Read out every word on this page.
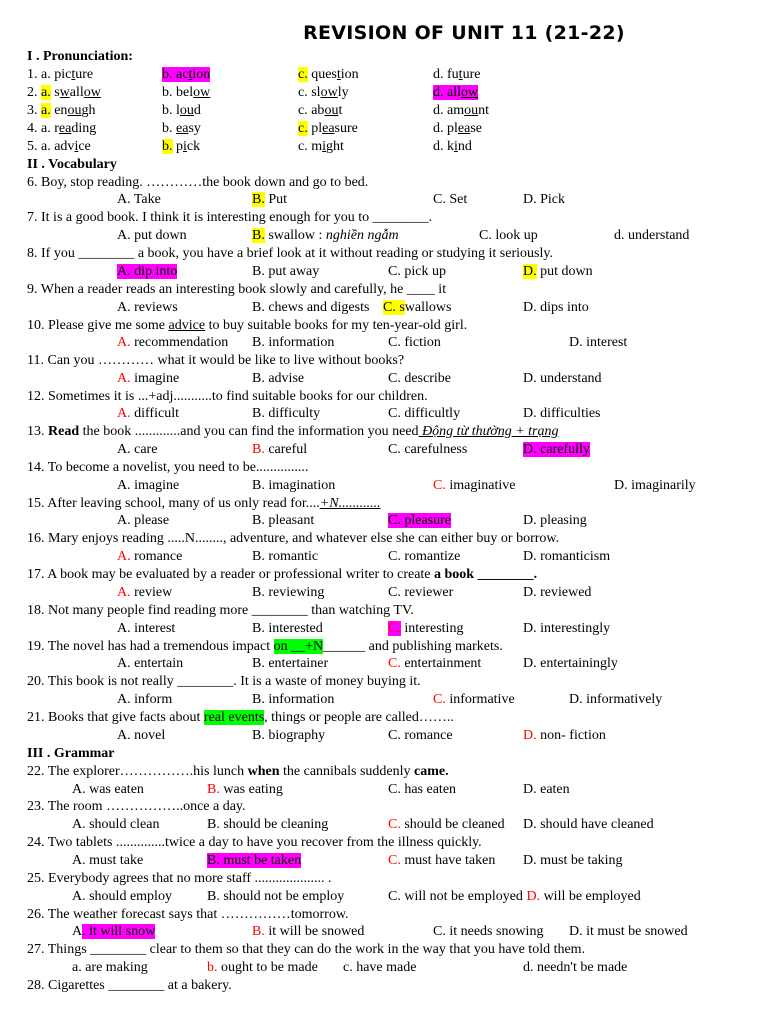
REVISION OF UNIT 11 (21-22)
I . Pronunciation:
1. a. picture	b. action	c. question	d. future
2. a. swallow	b. below	c. slowly	d. allow
3. a. enough	b. loud	c. about	d. amount
4. a. reading	b. easy	c. pleasure	d. please
5. a. advice	b. pick	c. might	d. kind
II . Vocabulary
6. Boy, stop reading. …………the book down and go to bed.
A. Take	B. Put	C. Set	D. Pick
7. It is a good book. I think it is interesting enough for you to ________.
A. put down	B. swallow : nghiền ngẫm	C. look up	d. understand
8. If you ________ a book, you have a brief look at it without reading or studying it seriously.
A. dip into	B. put away	C. pick up	D. put down
9. When a reader reads an interesting book slowly and carefully, he ____ it
A. reviews	B. chews and digests C. swallows	D. dips into
10. Please give me some advice to buy suitable books for my ten-year-old girl.
A. recommendation B. information	C. fiction	D. interest
11. Can you ………… what it would be like to live without books?
A. imagine	B. advise	C. describe	D. understand
12. Sometimes it is ...+adj...........to find suitable books for our children.
A. difficult	B. difficulty	C. difficultly	D. difficulties
13. Read the book .............and you can find the information you need Động từ thường + trạng
A. care	B. careful	C. carefulness	D. carefully
14. To become a novelist, you need to be...............
A. imagine	B. imagination	C. imaginative	D. imaginarily
15. After leaving school, many of us only read for....+N............
A. please	B. pleasant	C. pleasure	D. pleasing
16. Mary enjoys reading .....N........, adventure, and whatever else she can either buy or borrow.
A. romance	B. romantic	C. romantize	D. romanticism
17. A book may be evaluated by a reader or professional writer to create a book ________.
A. review	B. reviewing	C. reviewer	D. reviewed
18. Not many people find reading more ________ than watching TV.
A. interest	B. interested	C. interesting	D. interestingly
19. The novel has had a tremendous impact on __+N______ and publishing markets.
A. entertain	B. entertainer	C. entertainment	D. entertainingly
20. This book is not really ________. It is a waste of money buying it.
A. inform	B. information	C. informative	D. informatively
21. Books that give facts about real events, things or people are called……..
A. novel	B. biography	C. romance	D. non- fiction
III . Grammar
22. The explorer…………….his lunch when the cannibals suddenly came.
A. was eaten	B. was eating	C. has eaten	D. eaten
23. The room ……………..once a day.
A. should clean	B. should be cleaning	C. should be cleaned D. should have cleaned
24. Two tablets ..............twice a day to have you recover from the illness quickly.
A. must take	B. must be taken	C. must have taken D. must be taking
25. Everybody agrees that no more staff .................... .
A. should employ	B. should not be employ	C. will not be employed D. will be employed
26. The weather forecast says that ……………tomorrow.
A. it will snow	B. it will be snowed	C. it needs snowing D. it must be snowed
27. Things ________ clear to them so that they can do the work in the way that you have told them.
a. are making	b. ought to be made c. have made	d. needn't be made
28. Cigarettes ________ at a bakery.
